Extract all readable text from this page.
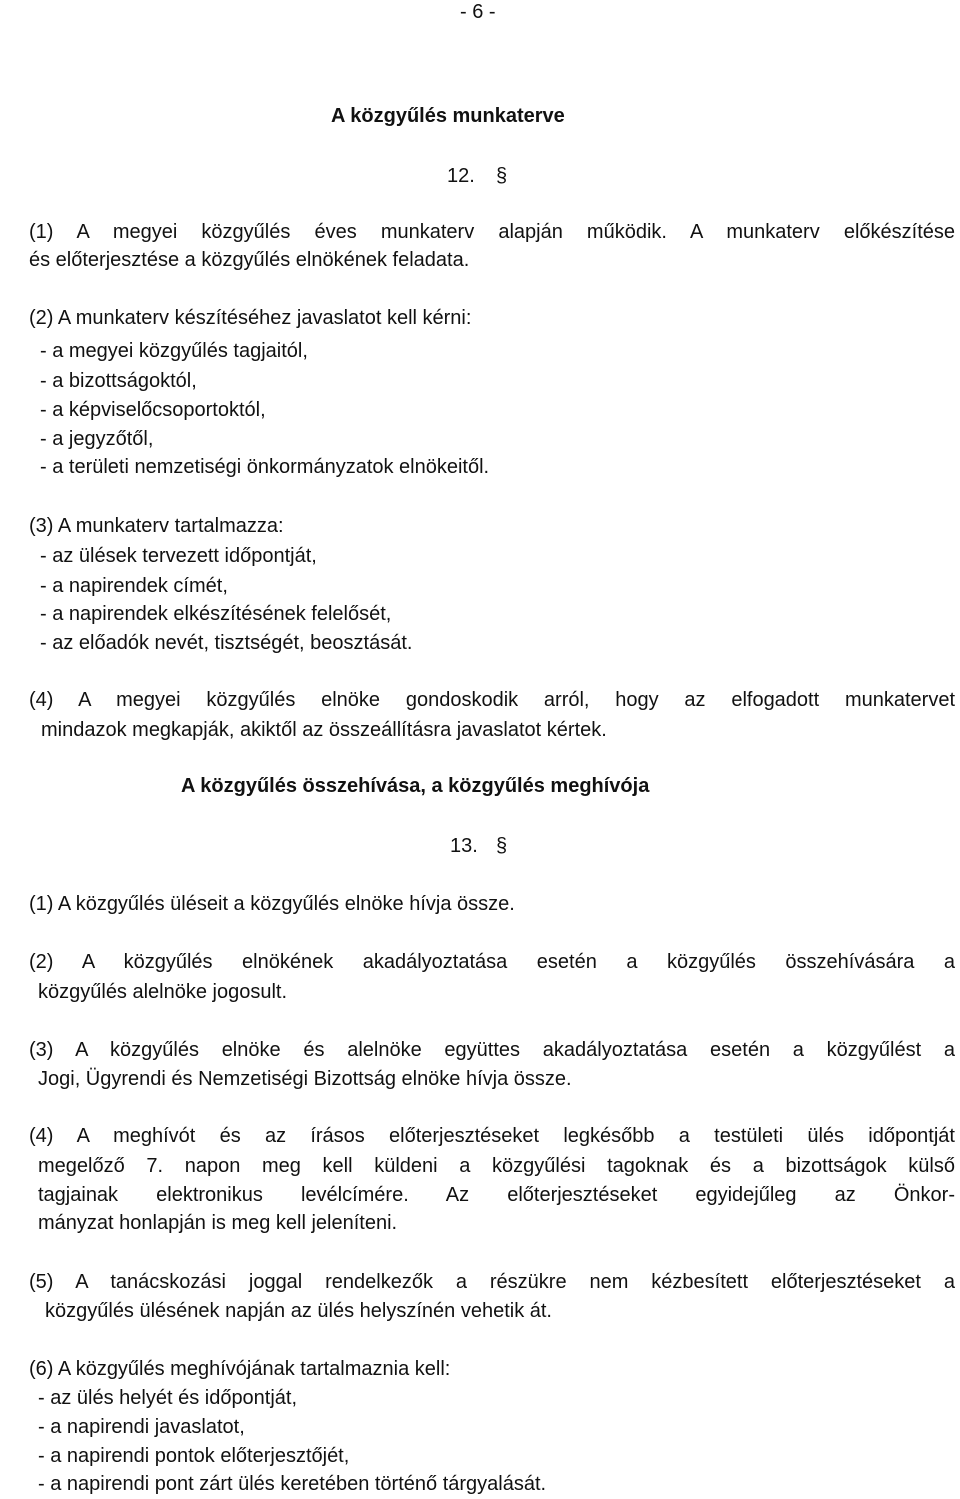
- 6 -
A közgyűlés munkaterve
12. §
(1) A megyei közgyűlés éves munkaterv alapján működik. A munkaterv előkészítése
és előterjesztése a közgyűlés elnökének feladata.
(2) A munkaterv készítéséhez javaslatot kell kérni:
- a megyei közgyűlés tagjaitól,
- a bizottságoktól,
- a képviselőcsoportoktól,
- a jegyzőtől,
- a területi nemzetiségi önkormányzatok elnökeitől.
(3) A munkaterv tartalmazza:
- az ülések tervezett időpontját,
- a napirendek címét,
- a napirendek elkészítésének felelősét,
- az előadók nevét, tisztségét, beosztását.
(4) A megyei közgyűlés elnöke gondoskodik arról, hogy az elfogadott munkatervet
mindazok megkapják, akiktől az összeállításra javaslatot kértek.
A közgyűlés összehívása, a közgyűlés meghívója
13. §
(1) A közgyűlés üléseit a közgyűlés elnöke hívja össze.
(2) A közgyűlés elnökének akadályoztatása esetén a közgyűlés összehívására a
közgyűlés alelnöke jogosult.
(3) A közgyűlés elnöke és alelnöke együttes akadályoztatása esetén a közgyűlést a
Jogi, Ügyrendi és Nemzetiségi Bizottság elnöke hívja össze.
(4) A meghívót és az írásos előterjesztéseket legkésőbb a testületi ülés időpontját
megelőző 7. napon meg kell küldeni a közgyűlési tagoknak és a bizottságok külső
tagjainak elektronikus levélcímére. Az előterjesztéseket egyidejűleg az Önkor-
mányzat honlapján is meg kell jeleníteni.
(5) A tanácskozási joggal rendelkezők a részükre nem kézbesített előterjesztéseket a
közgyűlés ülésének napján az ülés helyszínén vehetik át.
(6) A közgyűlés meghívójának tartalmaznia kell:
- az ülés helyét és időpontját,
- a napirendi javaslatot,
- a napirendi pontok előterjesztőjét,
- a napirendi pont zárt ülés keretében történő tárgyalását.
